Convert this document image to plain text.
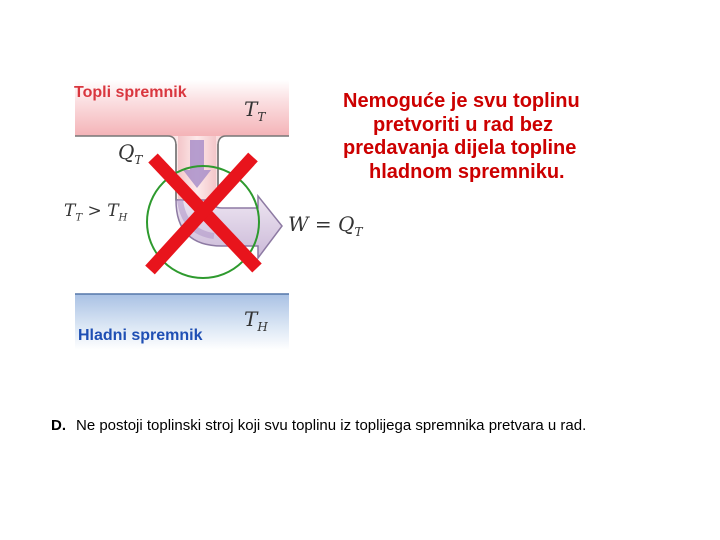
Topli spremnik
Hladni spremnik
$T_T$
$Q_T$
$T_T > T_H$
$T_H$
$W = Q_T$
Nemoguće je svu toplinu
pretvoriti u rad bez
predavanja dijela topline
hladnom spremniku.
D. Ne postoji toplinski stroj koji svu toplinu iz toplijega spremnika pretvara u rad.
